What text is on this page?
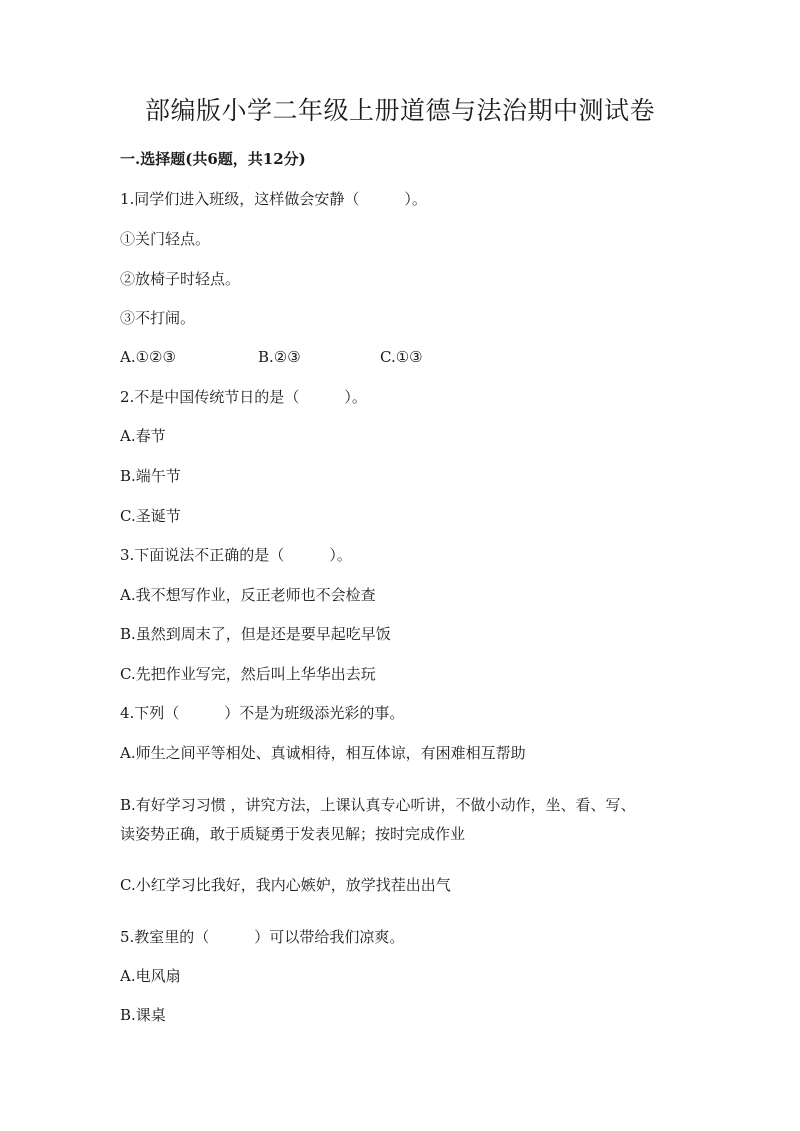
部编版小学二年级上册道德与法治期中测试卷
一.选择题(共6题，共12分)
1.同学们进入班级，这样做会安静（　　　）。
①关门轻点。
②放椅子时轻点。
③不打闹。
A.①②③	B.②③	C.①③
2.不是中国传统节日的是（　　　）。
A.春节
B.端午节
C.圣诞节
3.下面说法不正确的是（　　　）。
A.我不想写作业，反正老师也不会检查
B.虽然到周末了，但是还是要早起吃早饭
C.先把作业写完，然后叫上华华出去玩
4.下列（　　　）不是为班级添光彩的事。
A.师生之间平等相处、真诚相待，相互体谅，有困难相互帮助
B.有好学习习惯 ，讲究方法，上课认真专心听讲，不做小动作，坐、看、写、
读姿势正确，敢于质疑勇于发表见解；按时完成作业
C.小红学习比我好，我内心嫉妒，放学找茬出出气
5.教室里的（　　　）可以带给我们凉爽。
A.电风扇
B.课桌
